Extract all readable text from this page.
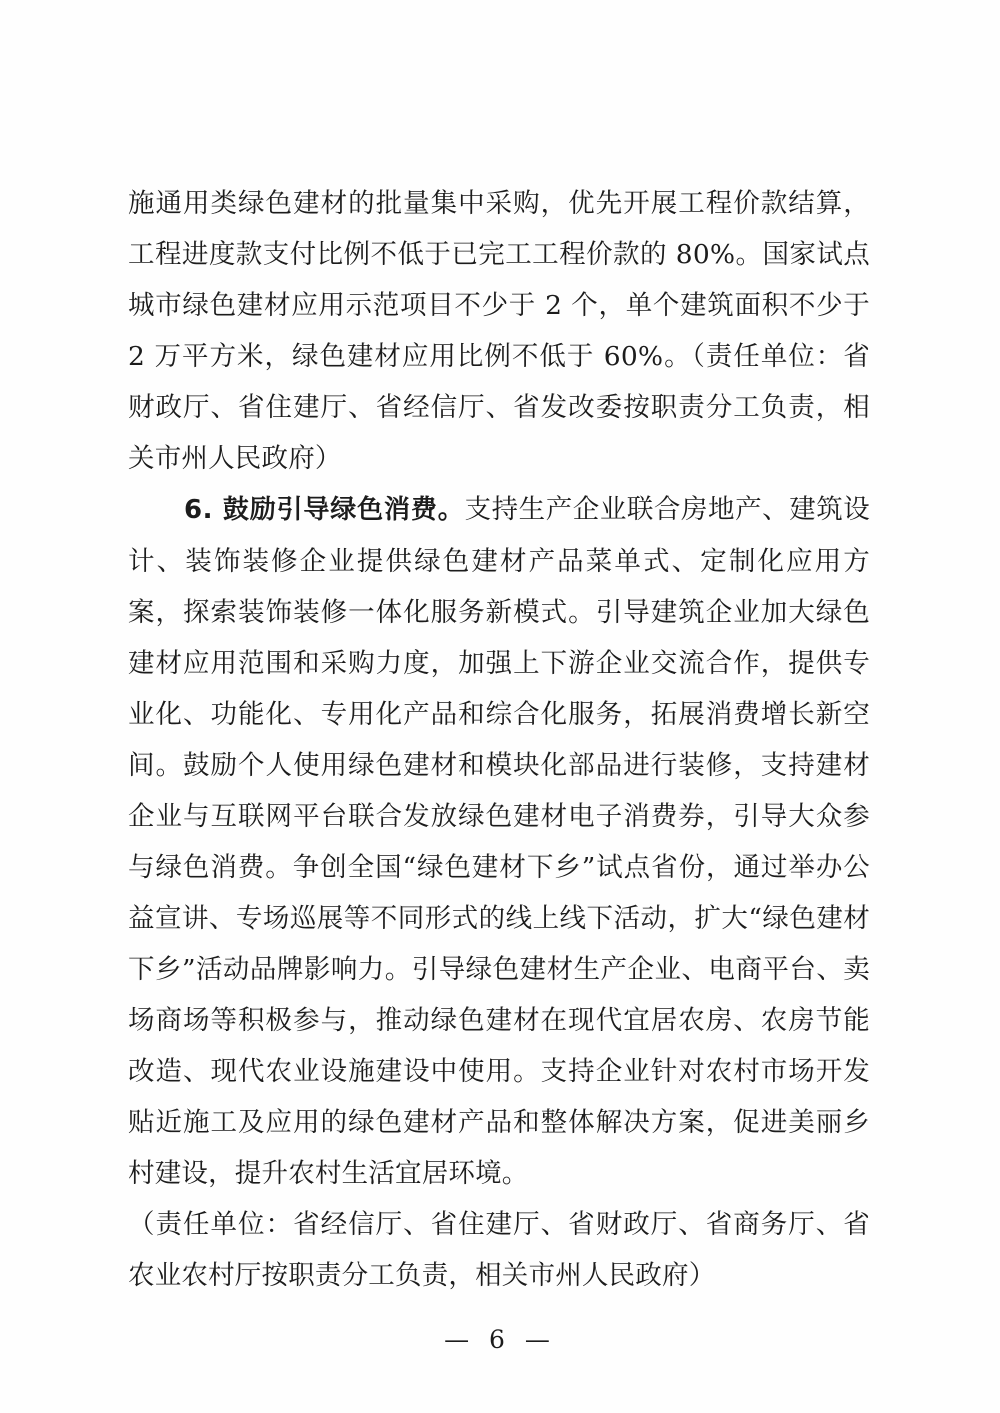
施通用类绿色建材的批量集中采购，优先开展工程价款结算，工程进度款支付比例不低于已完工工程价款的 80%。国家试点城市绿色建材应用示范项目不少于 2 个，单个建筑面积不少于 2 万平方米，绿色建材应用比例不低于 60%。（责任单位：省财政厅、省住建厅、省经信厅、省发改委按职责分工负责，相关市州人民政府）

6. 鼓励引导绿色消费。支持生产企业联合房地产、建筑设计、装饰装修企业提供绿色建材产品菜单式、定制化应用方案，探索装饰装修一体化服务新模式。引导建筑企业加大绿色建材应用范围和采购力度，加强上下游企业交流合作，提供专业化、功能化、专用化产品和综合化服务，拓展消费增长新空间。鼓励个人使用绿色建材和模块化部品进行装修，支持建材企业与互联网平台联合发放绿色建材电子消费券，引导大众参与绿色消费。争创全国“绿色建材下乡”试点省份，通过举办公益宣讲、专场巡展等不同形式的线上线下活动，扩大“绿色建材下乡”活动品牌影响力。引导绿色建材生产企业、电商平台、卖场商场等积极参与，推动绿色建材在现代宜居农房、农房节能改造、现代农业设施建设中使用。支持企业针对农村市场开发贴近施工及应用的绿色建材产品和整体解决方案，促进美丽乡村建设，提升农村生活宜居环境。

（责任单位：省经信厅、省住建厅、省财政厅、省商务厅、省农业农村厅按职责分工负责，相关市州人民政府）

— 6 —
